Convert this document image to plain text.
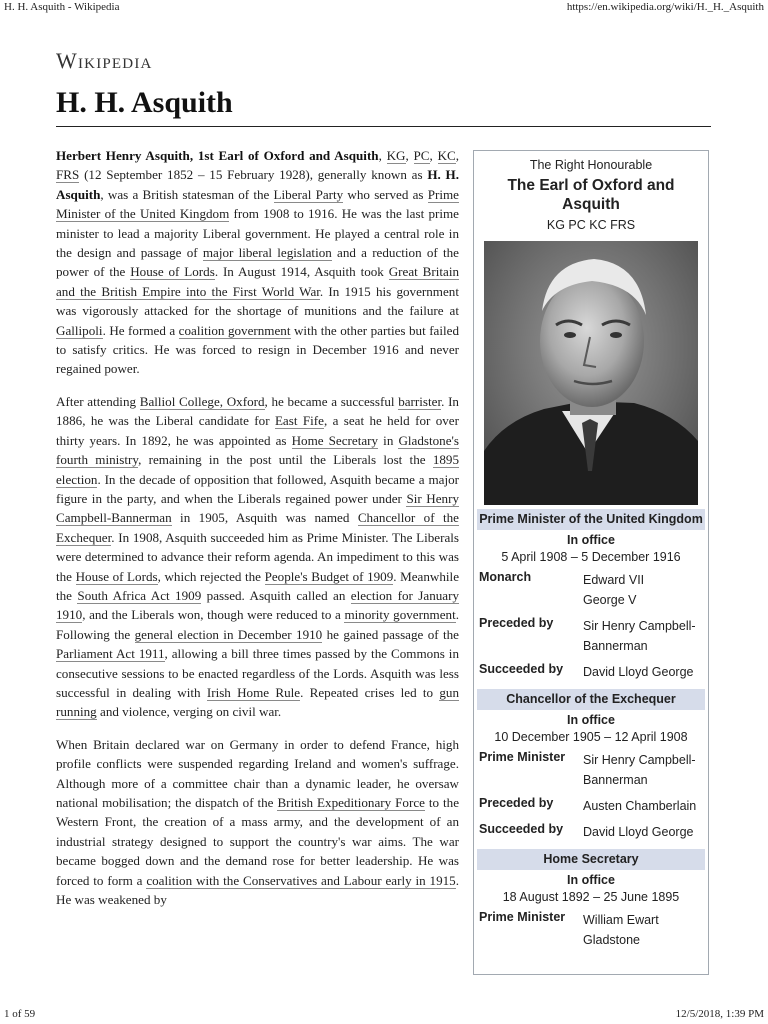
H. H. Asquith - Wikipedia	https://en.wikipedia.org/wiki/H._H._Asquith
Wikipedia
H. H. Asquith

Herbert Henry Asquith, 1st Earl of Oxford and Asquith, KG, PC, KC, FRS (12 September 1852 – 15 February 1928), generally known as H. H. Asquith, was a British statesman of the Liberal Party who served as Prime Minister of the United Kingdom from 1908 to 1916. He was the last prime minister to lead a majority Liberal government. He played a central role in the design and passage of major liberal legislation and a reduction of the power of the House of Lords. In August 1914, Asquith took Great Britain and the British Empire into the First World War. In 1915 his government was vigorously attacked for the shortage of munitions and the failure at Gallipoli. He formed a coalition government with the other parties but failed to satisfy critics. He was forced to resign in December 1916 and never regained power.

After attending Balliol College, Oxford, he became a successful barrister. In 1886, he was the Liberal candidate for East Fife, a seat he held for over thirty years. In 1892, he was appointed as Home Secretary in Gladstone's fourth ministry, remaining in the post until the Liberals lost the 1895 election. In the decade of opposition that followed, Asquith became a major figure in the party, and when the Liberals regained power under Sir Henry Campbell-Bannerman in 1905, Asquith was named Chancellor of the Exchequer. In 1908, Asquith succeeded him as Prime Minister. The Liberals were determined to advance their reform agenda. An impediment to this was the House of Lords, which rejected the People's Budget of 1909. Meanwhile the South Africa Act 1909 passed. Asquith called an election for January 1910, and the Liberals won, though were reduced to a minority government. Following the general election in December 1910 he gained passage of the Parliament Act 1911, allowing a bill three times passed by the Commons in consecutive sessions to be enacted regardless of the Lords. Asquith was less successful in dealing with Irish Home Rule. Repeated crises led to gun running and violence, verging on civil war.

When Britain declared war on Germany in order to defend France, high profile conflicts were suspended regarding Ireland and women's suffrage. Although more of a committee chair than a dynamic leader, he oversaw national mobilisation; the dispatch of the British Expeditionary Force to the Western Front, the creation of a mass army, and the development of an industrial strategy designed to support the country's war aims. The war became bogged down and the demand rose for better leadership. He was forced to form a coalition with the Conservatives and Labour early in 1915. He was weakened by

The Right Honourable
The Earl of Oxford and Asquith
KG PC KC FRS
Prime Minister of the United Kingdom
In office
5 April 1908 – 5 December 1916
Monarch	Edward VII
George V
Preceded by	Sir Henry Campbell-Bannerman
Succeeded by	David Lloyd George
Chancellor of the Exchequer
In office
10 December 1905 – 12 April 1908
Prime Minister	Sir Henry Campbell-Bannerman
Preceded by	Austen Chamberlain
Succeeded by	David Lloyd George
Home Secretary
In office
18 August 1892 – 25 June 1895
Prime Minister	William Ewart Gladstone
1 of 59	12/5/2018, 1:39 PM
